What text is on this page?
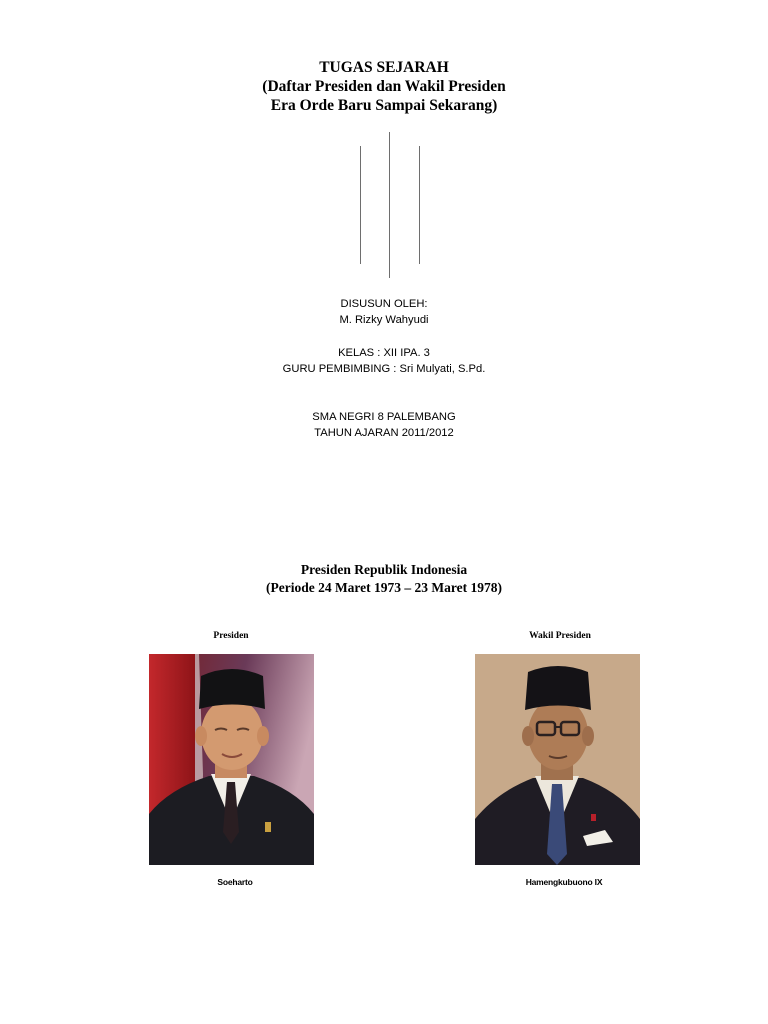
TUGAS SEJARAH
(Daftar Presiden dan Wakil Presiden
Era Orde Baru Sampai Sekarang)
DISUSUN OLEH:
M. Rizky Wahyudi
KELAS : XII IPA. 3
GURU PEMBIMBING : Sri Mulyati, S.Pd.
SMA NEGRI 8 PALEMBANG
TAHUN AJARAN 2011/2012
Presiden Republik Indonesia
(Periode 24 Maret 1973 – 23 Maret 1978)
Presiden	Wakil Presiden
Soeharto	Hamengkubuono IX
